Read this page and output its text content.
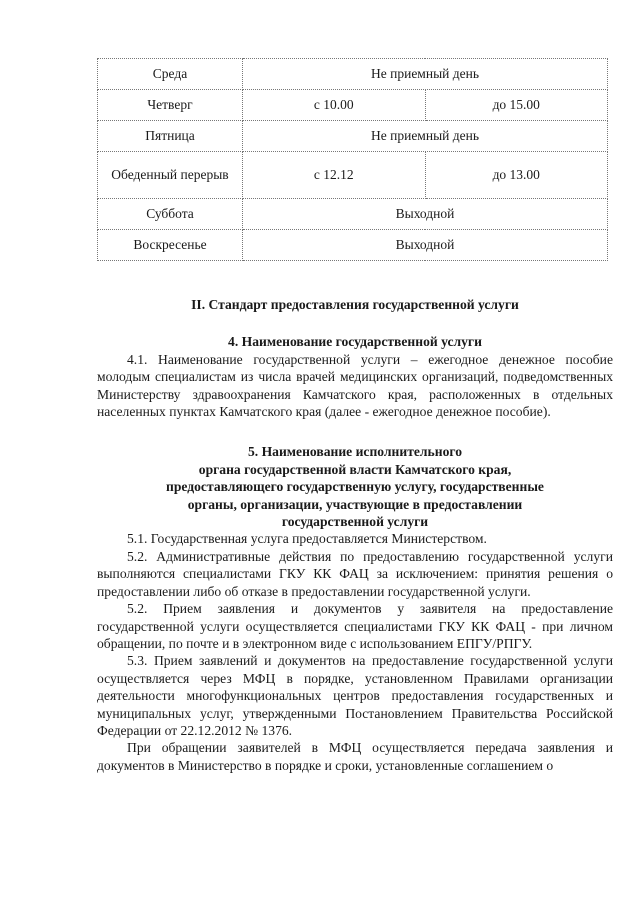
Среда	Не приемный день	
Четверг	с 10.00	до 15.00
Пятница	Не приемный день	
Обеденный перерыв	с 12.12	до 13.00
Суббота	Выходной	
Воскресенье	Выходной	

II. Стандарт предоставления государственной услуги

4. Наименование государственной услуги

4.1. Наименование государственной услуги – ежегодное денежное пособие молодым специалистам из числа врачей медицинских организаций, подведомственных Министерству здравоохранения Камчатского края, расположенных в отдельных населенных пунктах Камчатского края (далее - ежегодное денежное пособие).

5. Наименование исполнительного

органа государственной власти Камчатского края,

предоставляющего государственную услугу, государственные

органы, организации, участвующие в предоставлении

государственной услуги

5.1. Государственная услуга предоставляется Министерством.

5.2. Административные действия по предоставлению государственной услуги выполняются специалистами ГКУ КК ФАЦ за исключением: принятия решения о предоставлении либо об отказе в предоставлении государственной услуги.

5.2. Прием заявления и документов у заявителя на предоставление государственной услуги осуществляется специалистами ГКУ КК ФАЦ - при личном обращении, по почте и в электронном виде с использованием ЕПГУ/РПГУ.

5.3. Прием заявлений и документов на предоставление государственной услуги осуществляется через МФЦ в порядке, установленном Правилами организации деятельности многофункциональных центров предоставления государственных и муниципальных услуг, утвержденными Постановлением Правительства Российской Федерации от 22.12.2012 № 1376.

При обращении заявителей в МФЦ осуществляется передача заявления и документов в Министерство в порядке и сроки, установленные соглашением о
